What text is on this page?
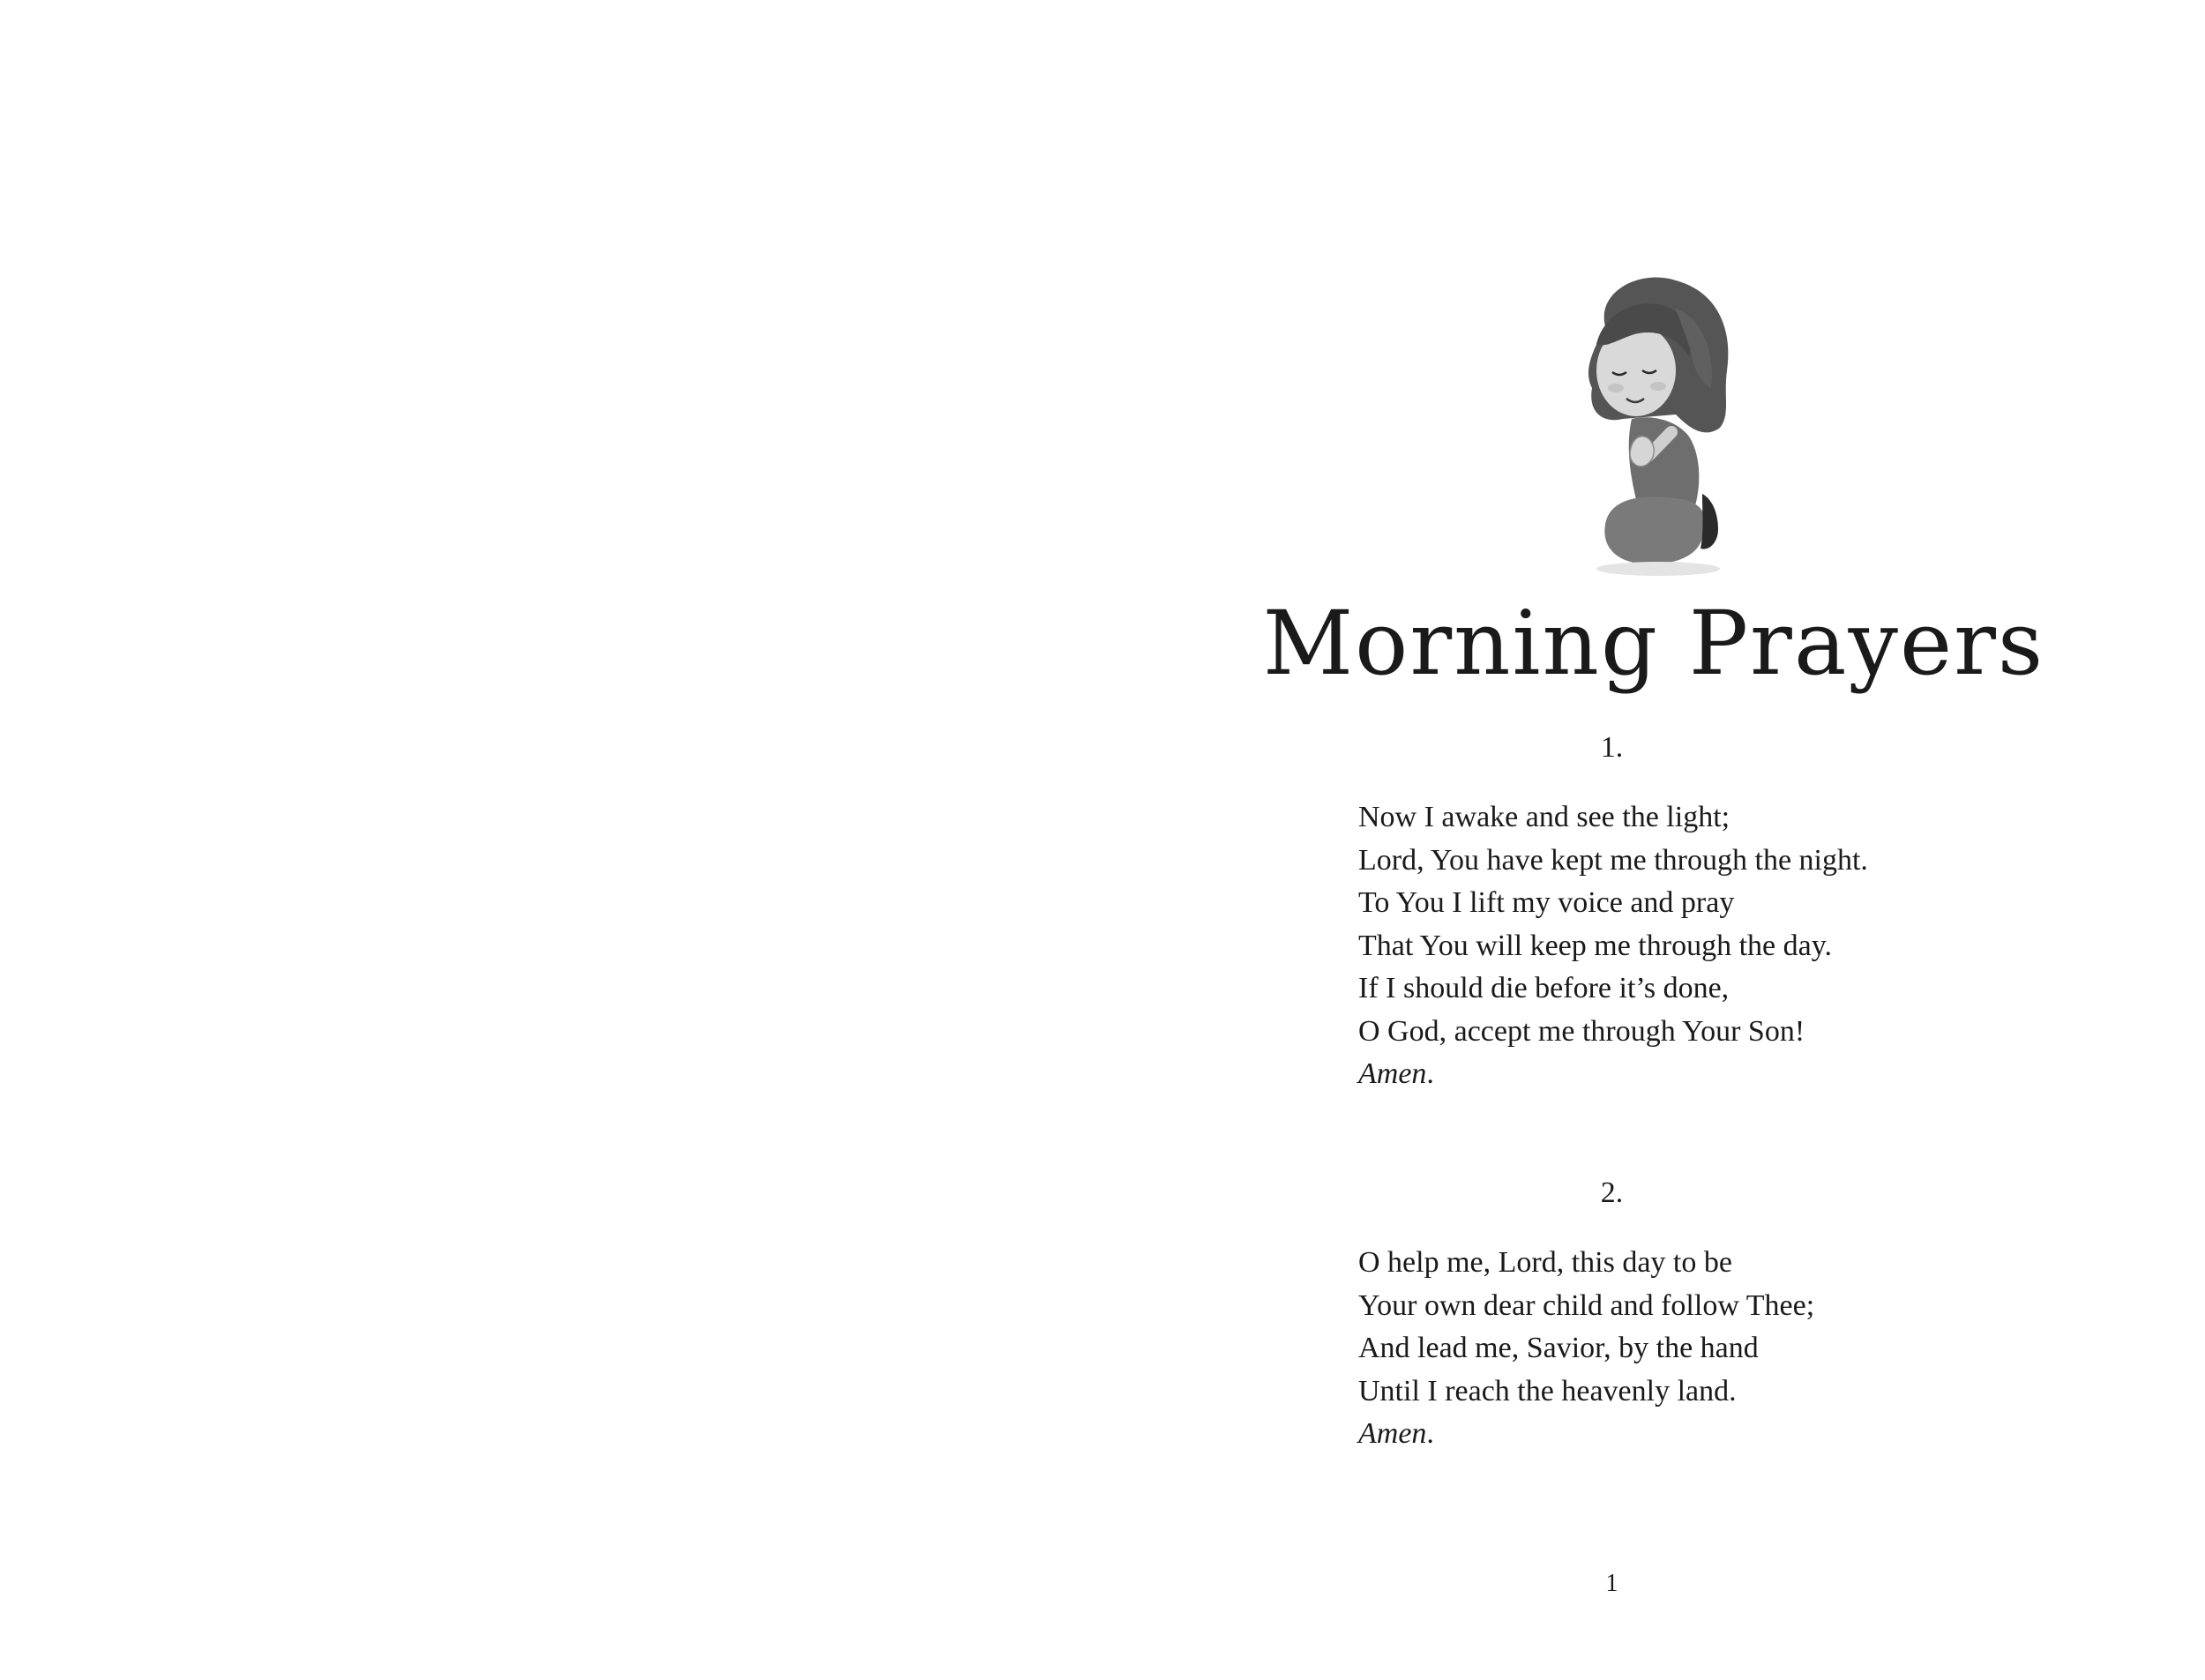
Morning Prayers
1.
Now I awake and see the light;
Lord, You have kept me through the night.
To You I lift my voice and pray
That You will keep me through the day.
If I should die before it’s done,
O God, accept me through Your Son!
Amen.
2.
O help me, Lord, this day to be
Your own dear child and follow Thee;
And lead me, Savior, by the hand
Until I reach the heavenly land.
Amen.
1
